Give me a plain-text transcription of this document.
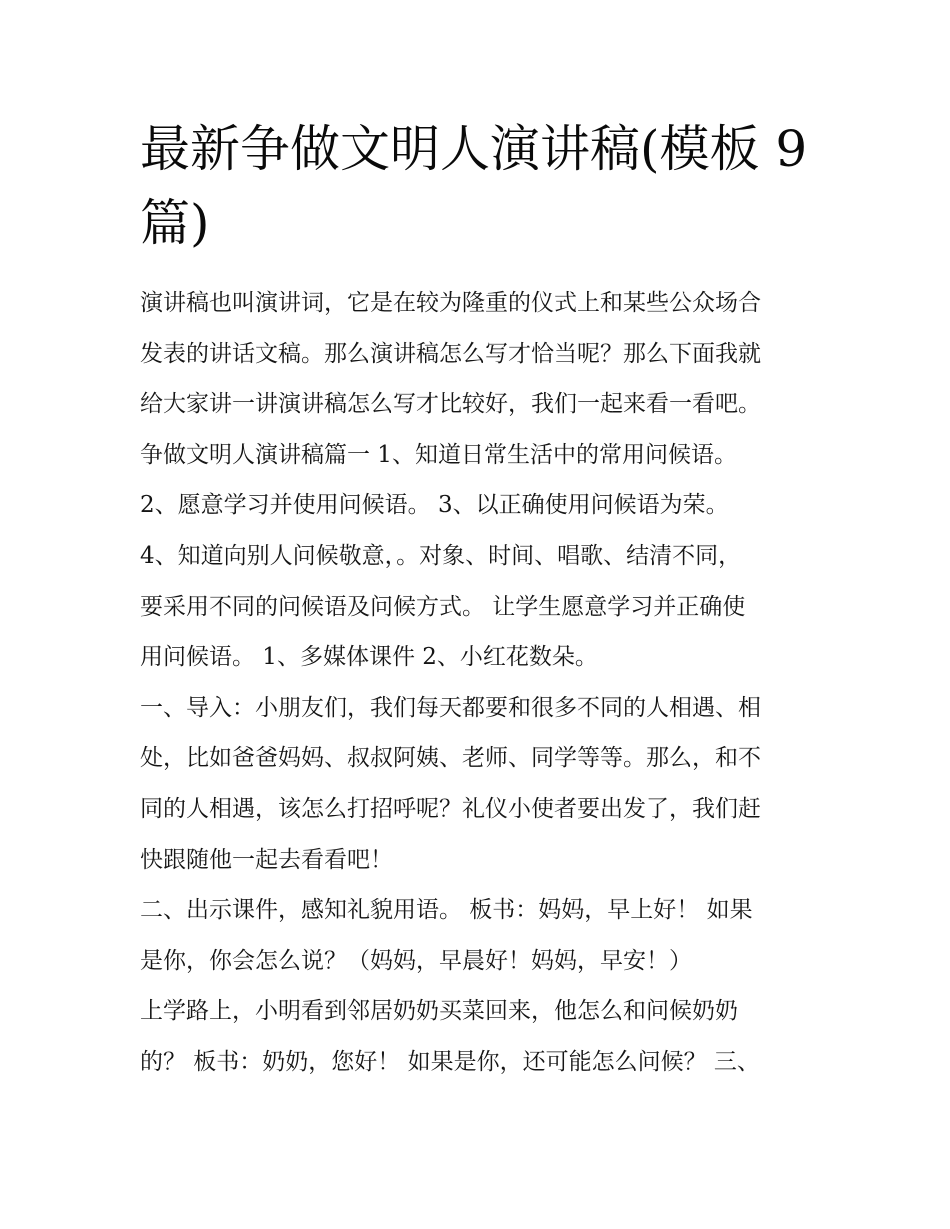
最新争做文明人演讲稿(模板 9
篇)
演讲稿也叫演讲词，它是在较为隆重的仪式上和某些公众场合
发表的讲话文稿。那么演讲稿怎么写才恰当呢？那么下面我就
给大家讲一讲演讲稿怎么写才比较好，我们一起来看一看吧。
争做文明人演讲稿篇一 1、知道日常生活中的常用问候语。
2、愿意学习并使用问候语。 3、以正确使用问候语为荣。
4、知道向别人问候敬意，。对象、时间、唱歌、结清不同，
要采用不同的问候语及问候方式。 让学生愿意学习并正确使
用问候语。 1、多媒体课件 2、小红花数朵。
一、导入：小朋友们，我们每天都要和很多不同的人相遇、相
处，比如爸爸妈妈、叔叔阿姨、老师、同学等等。那么，和不
同的人相遇，该怎么打招呼呢？礼仪小使者要出发了，我们赶
快跟随他一起去看看吧！
二、出示课件，感知礼貌用语。 板书：妈妈，早上好！ 如果
是你，你会怎么说？（妈妈，早晨好！妈妈，早安！）
上学路上，小明看到邻居奶奶买菜回来，他怎么和问候奶奶
的？ 板书：奶奶，您好！ 如果是你，还可能怎么问候？ 三、
